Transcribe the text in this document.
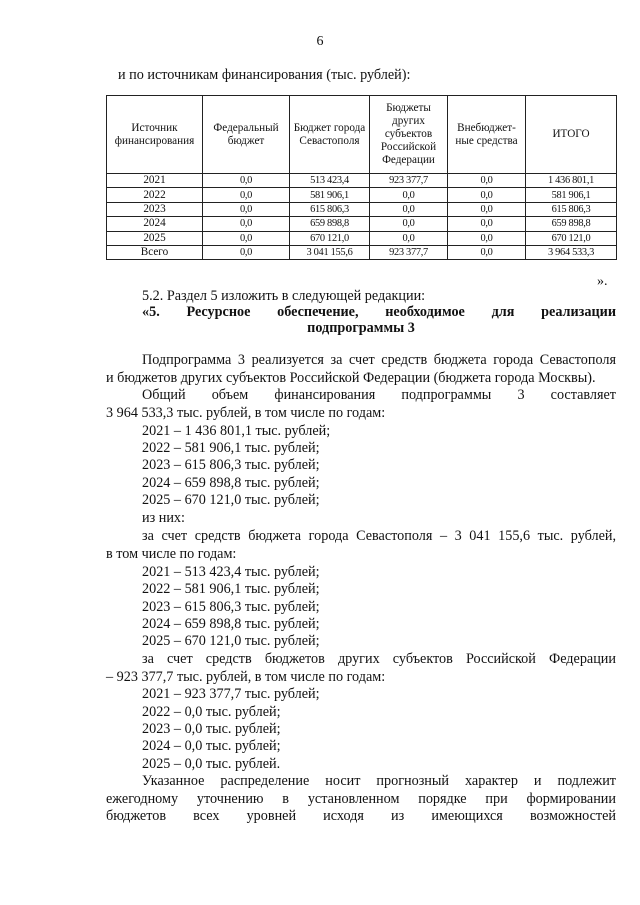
6
и по источникам финансирования (тыс. рублей):
Источник финансирования	Федеральный бюджет	Бюджет города Севастополя	Бюджеты других субъектов Российской Федерации	Внебюджет-ные средства	ИТОГО
2021	0,0	513 423,4	923 377,7	0,0	1 436 801,1
2022	0,0	581 906,1	0,0	0,0	581 906,1
2023	0,0	615 806,3	0,0	0,0	615 806,3
2024	0,0	659 898,8	0,0	0,0	659 898,8
2025	0,0	670 121,0	0,0	0,0	670 121,0
Всего	0,0	3 041 155,6	923 377,7	0,0	3 964 533,3
».
5.2. Раздел 5 изложить в следующей редакции:
«5. Ресурсное обеспечение, необходимое для реализации
подпрограммы 3
Подпрограмма 3 реализуется за счет средств бюджета города Севастополя
и бюджетов других субъектов Российской Федерации (бюджета города Москвы).
Общий объем финансирования подпрограммы 3 составляет
3 964 533,3 тыс. рублей, в том числе по годам:
2021 – 1 436 801,1 тыс. рублей;
2022 – 581 906,1 тыс. рублей;
2023 – 615 806,3 тыс. рублей;
2024 – 659 898,8 тыс. рублей;
2025 – 670 121,0 тыс. рублей;
из них:
за счет средств бюджета города Севастополя – 3 041 155,6 тыс. рублей,
в том числе по годам:
2021 – 513 423,4 тыс. рублей;
2022 – 581 906,1 тыс. рублей;
2023 – 615 806,3 тыс. рублей;
2024 – 659 898,8 тыс. рублей;
2025 – 670 121,0 тыс. рублей;
за счет средств бюджетов других субъектов Российской Федерации
– 923 377,7 тыс. рублей, в том числе по годам:
2021 – 923 377,7 тыс. рублей;
2022 – 0,0 тыс. рублей;
2023 – 0,0 тыс. рублей;
2024 – 0,0 тыс. рублей;
2025 – 0,0 тыс. рублей.
Указанное распределение носит прогнозный характер и подлежит
ежегодному уточнению в установленном порядке при формировании
бюджетов всех уровней исходя из имеющихся возможностей
